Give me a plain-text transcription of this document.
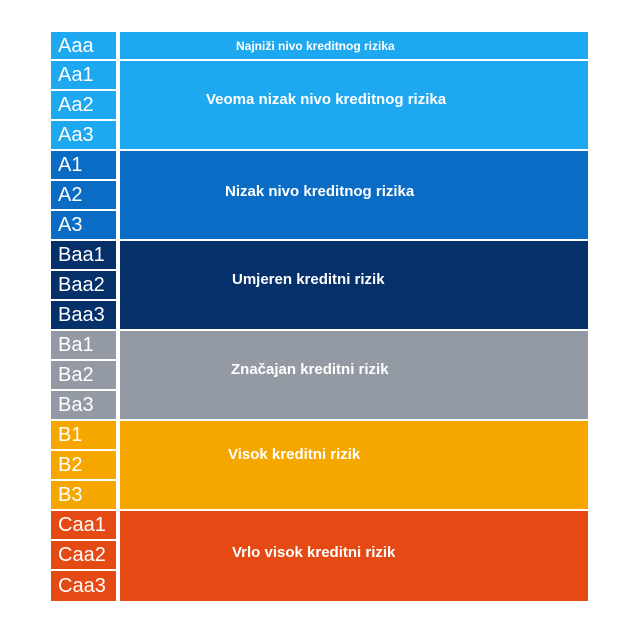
Aaa	Najniži nivo kreditnog rizika
Aa1
Aa2
Aa3
Veoma nizak nivo kreditnog rizika
A1
A2
A3
Nizak nivo kreditnog rizika
Baa1
Baa2
Baa3
Umjeren kreditni rizik
Ba1
Ba2
Ba3
Značajan kreditni rizik
B1
B2
B3
Visok kreditni rizik
Caa1
Caa2
Caa3
Vrlo visok kreditni rizik
